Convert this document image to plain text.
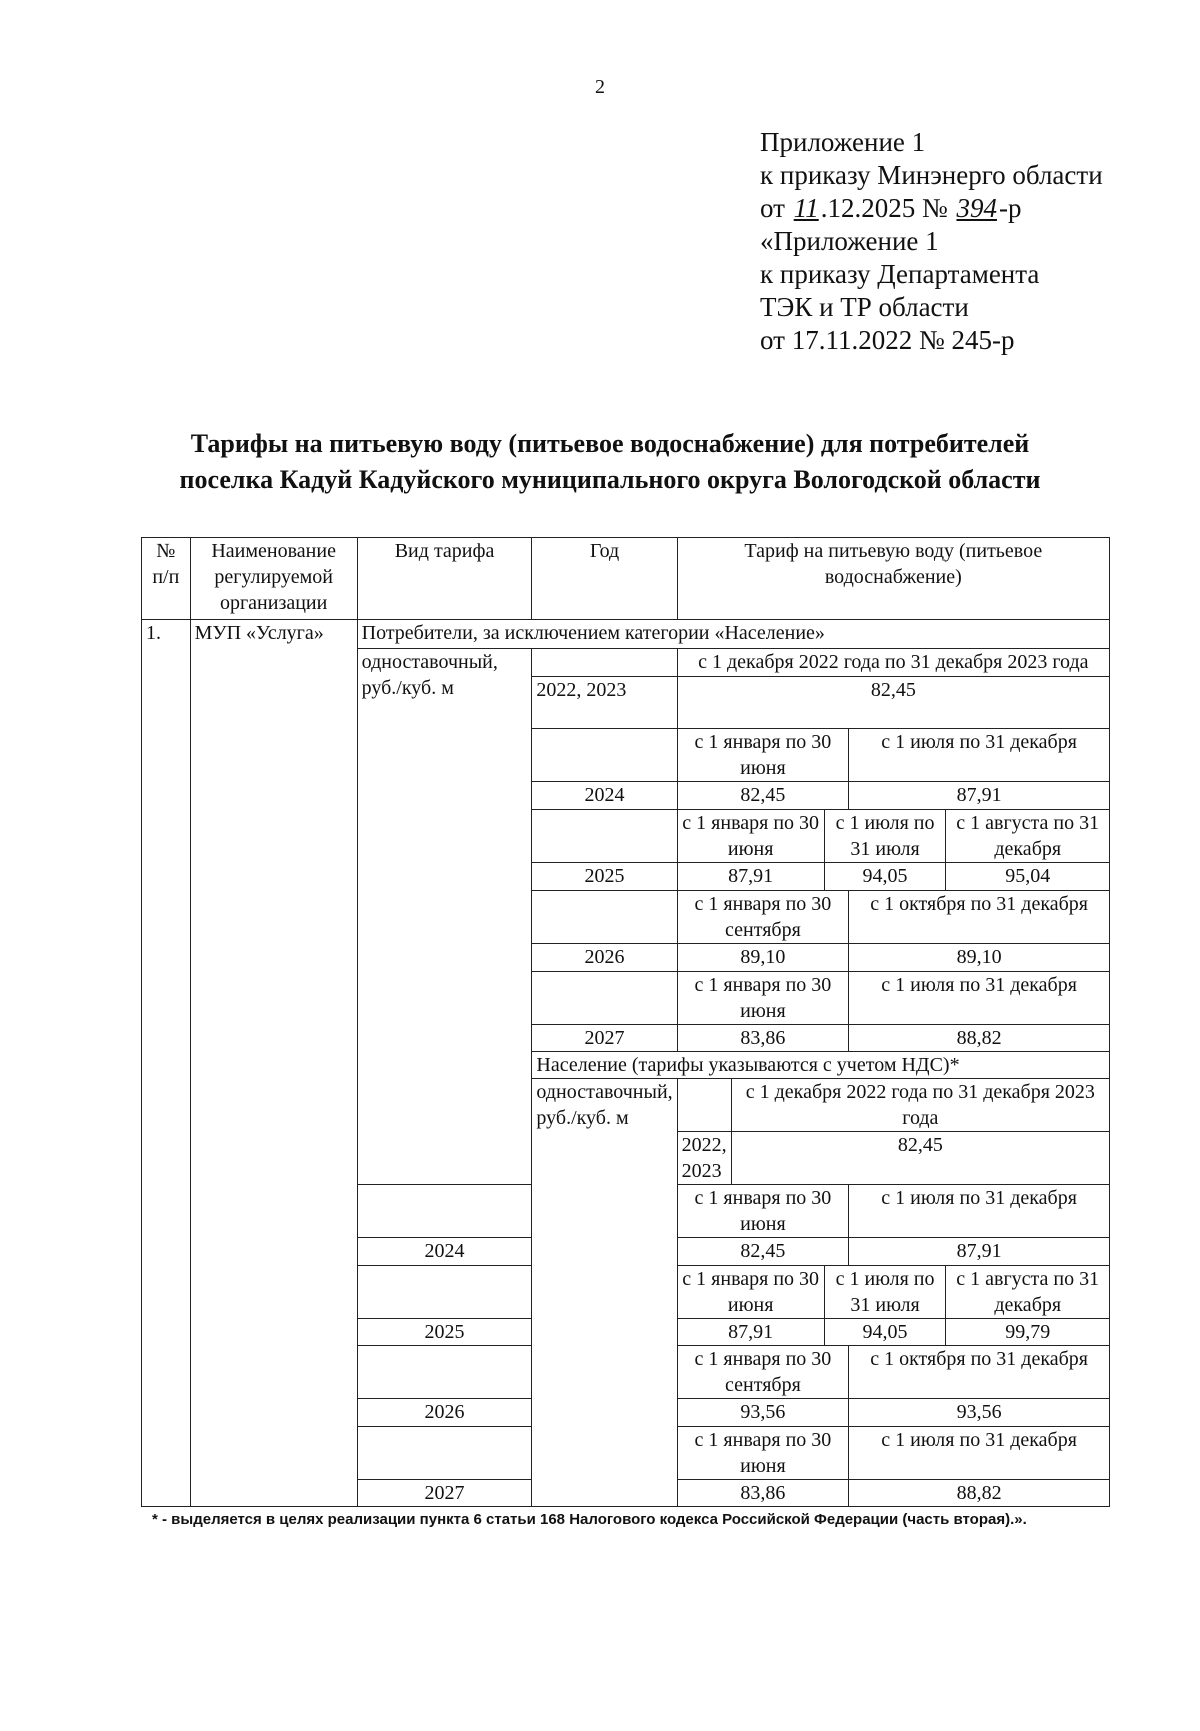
2
Приложение 1
к приказу Минэнерго области
от 11.12.2025 № 394-р
«Приложение 1
к приказу Департамента
ТЭК и ТР области
от 17.11.2022 № 245-р
Тарифы на питьевую воду (питьевое водоснабжение) для потребителей
поселка Кадуй Кадуйского муниципального округа Вологодской области
№ п/п	Наименование регулируемой организации	Вид тарифа	Год	Тариф на питьевую воду (питьевое водоснабжение)				
1.	МУП «Услуга»	Потребители, за исключением категории «Население»						
		одноставочный, руб./куб. м		с 1 декабря 2022 года по 31 декабря 2023 года				
			2022, 2023	82,45				
				с 1 января по 30 июня			с 1 июля по 31 декабря	
			2024	82,45			87,91	
				с 1 января по 30 июня		с 1 июля по 31 июля		с 1 августа по 31 декабря
			2025	87,91		94,05		95,04
				с 1 января по 30 сентября			с 1 октября по 31 декабря	
			2026	89,10			89,10	
				с 1 января по 30 июня			с 1 июля по 31 декабря	
			2027	83,86			88,82	
			Население (тарифы указываются с учетом НДС)*					
			одноставочный, руб./куб. м		с 1 декабря 2022 года по 31 декабря 2023 года			
				2022, 2023	82,45			
				с 1 января по 30 июня			с 1 июля по 31 декабря	
		2024		82,45			87,91	
				с 1 января по 30 июня		с 1 июля по 31 июля		с 1 августа по 31 декабря
		2025		87,91		94,05		99,79
				с 1 января по 30 сентября			с 1 октября по 31 декабря	
		2026		93,56			93,56	
				с 1 января по 30 июня			с 1 июля по 31 декабря	
		2027		83,86			88,82	
* - выделяется в целях реализации пункта 6 статьи 168 Налогового кодекса Российской Федерации (часть вторая).».
